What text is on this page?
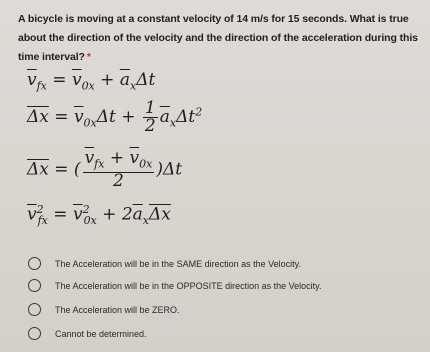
A bicycle is moving at a constant velocity of 14 m/s for 15 seconds. What is true about the direction of the velocity and the direction of the acceleration during this time interval? *
$\overline{v}_{fx} = \overline{v}_{0x} + \overline{a}_x\Delta t$
$\overline{\Delta x} = \overline{v}_{0x}\Delta t + \frac{1}{2} \overline{a}_x\Delta t^2$
$\overline{\Delta x}$ = ( $\frac{\overline{v}_{fx} + \overline{v}_{0x}}{2} )\Delta t$
$\overline{v}^2_{fx} = \overline{v}^2_{0x} + 2\overline{a}_x\overline{\Delta x}$
The Acceleration will be in the SAME direction as the Velocity.
The Acceleration will be in the OPPOSITE direction as the Velocity.
The Acceleration will be ZERO.
Cannot be determined.
